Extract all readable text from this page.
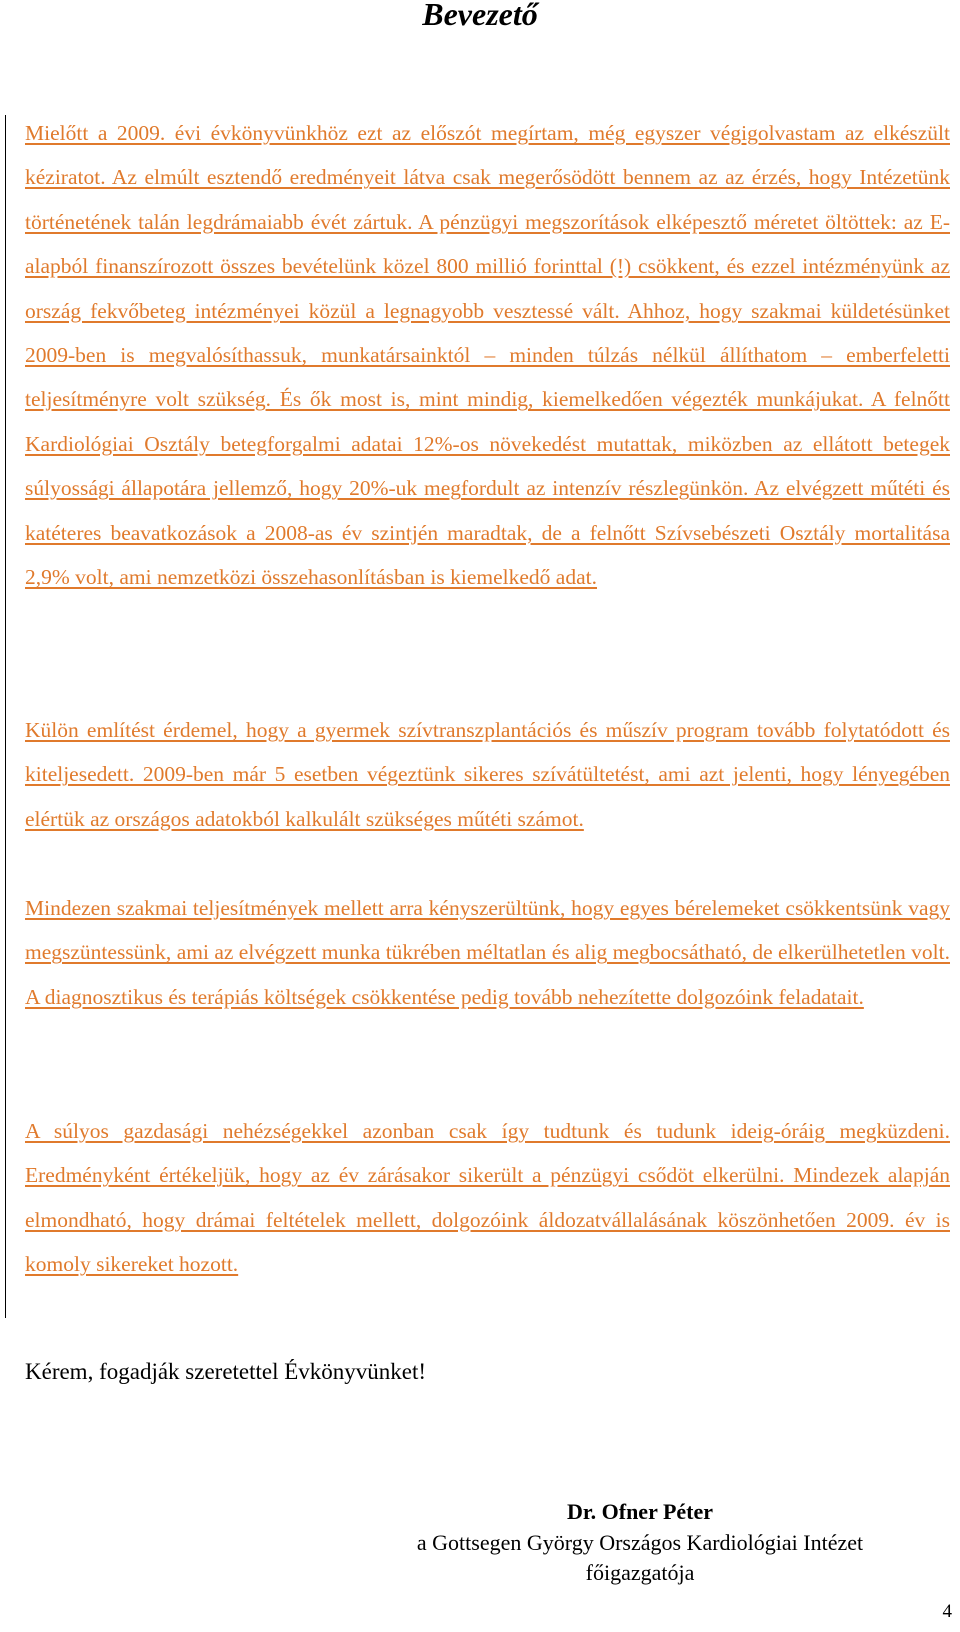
Bevezető

Mielőtt a 2009. évi évkönyvünkhöz ezt az előszót megírtam, még egyszer végigolvastam az elkészült kéziratot. Az elmúlt esztendő eredményeit látva csak megerősödött bennem az az érzés, hogy Intézetünk történetének talán legdrámaiabb évét zártuk. A pénzügyi megszorítások elképesztő méretet öltöttek: az E-alapból finanszírozott összes bevételünk közel 800 millió forinttal (!) csökkent, és ezzel intézményünk az ország fekvőbeteg intézményei közül a legnagyobb vesztessé vált. Ahhoz, hogy szakmai küldetésünket 2009-ben is megvalósíthassuk, munkatársainktól – minden túlzás nélkül állíthatom – emberfeletti teljesítményre volt szükség. És ők most is, mint mindig, kiemelkedően végezték munkájukat. A felnőtt Kardiológiai Osztály betegforgalmi adatai 12%-os növekedést mutattak, miközben az ellátott betegek súlyossági állapotára jellemző, hogy 20%-uk megfordult az intenzív részlegünkön. Az elvégzett műtéti és katéteres beavatkozások a 2008-as év szintjén maradtak, de a felnőtt Szívsebészeti Osztály mortalitása 2,9% volt, ami nemzetközi összehasonlításban is kiemelkedő adat.

Külön említést érdemel, hogy a gyermek szívtranszplantációs és műszív program tovább folytatódott és kiteljesedett. 2009-ben már 5 esetben végeztünk sikeres szívátültetést, ami azt jelenti, hogy lényegében elértük az országos adatokból kalkulált szükséges műtéti számot.

Mindezen szakmai teljesítmények mellett arra kényszerültünk, hogy egyes bérelemeket csökkentsünk vagy megszüntessünk, ami az elvégzett munka tükrében méltatlan és alig megbocsátható, de elkerülhetetlen volt. A diagnosztikus és terápiás költségek csökkentése pedig tovább nehezítette dolgozóink feladatait.

A súlyos gazdasági nehézségekkel azonban csak így tudtunk és tudunk ideig-óráig megküzdeni. Eredményként értékeljük, hogy az év zárásakor sikerült a pénzügyi csődöt elkerülni. Mindezek alapján elmondható, hogy drámai feltételek mellett, dolgozóink áldozatvállalásának köszönhetően 2009. év is komoly sikereket hozott.

Kérem, fogadják szeretettel Évkönyvünket!

Dr. Ofner Péter

a Gottsegen György Országos Kardiológiai Intézet

főigazgatója

4
